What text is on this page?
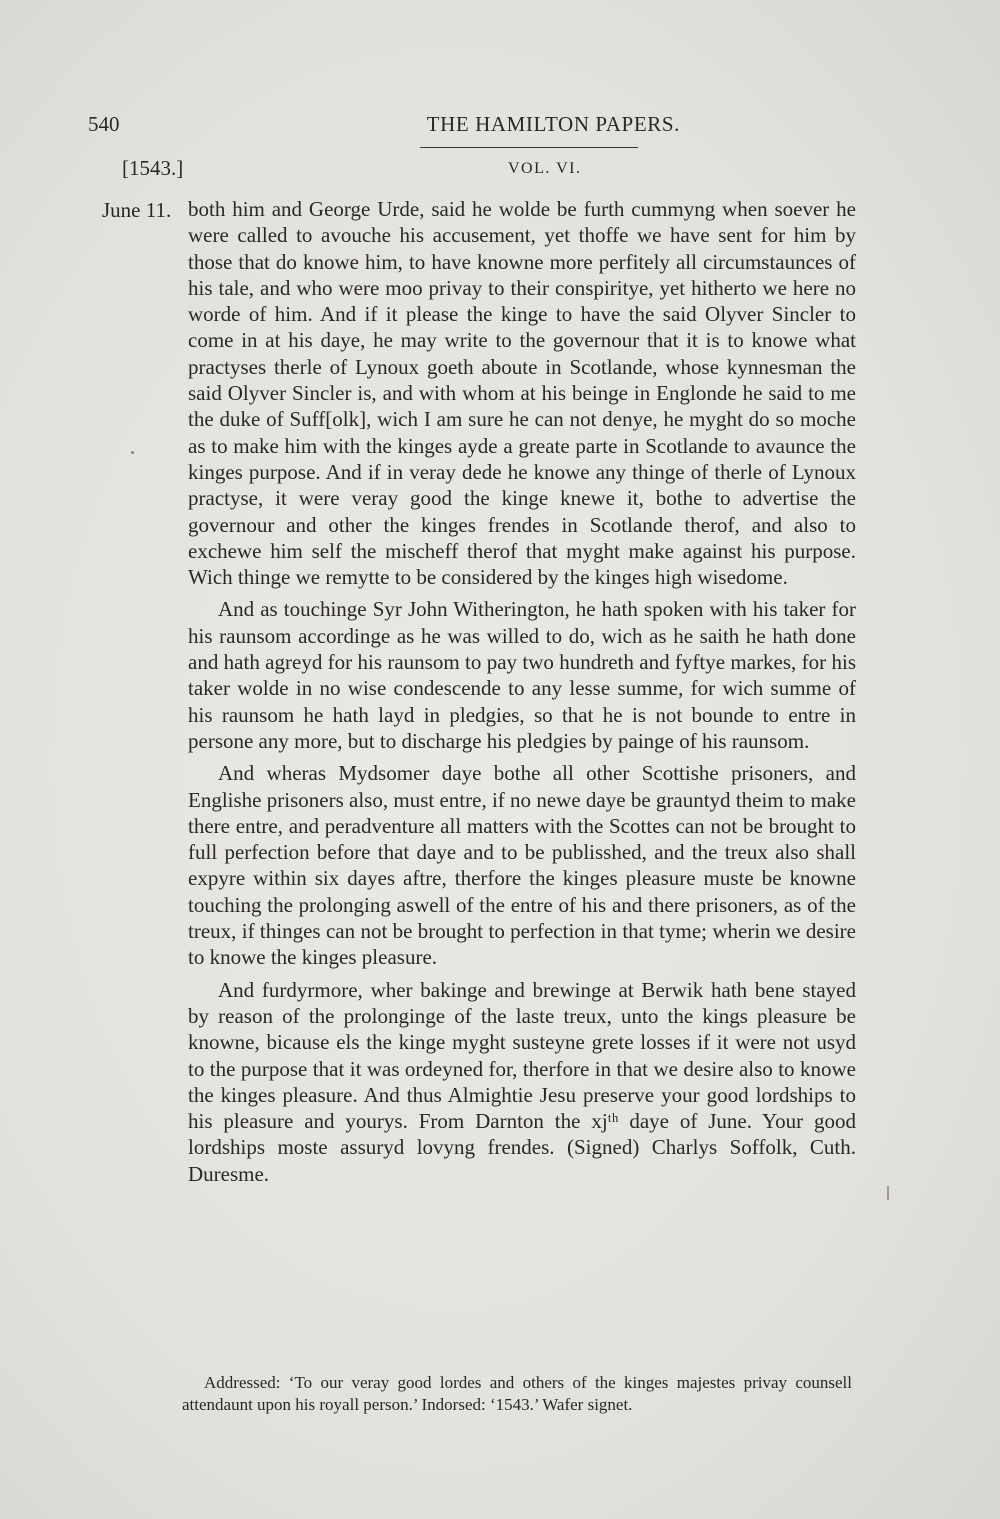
540	THE HAMILTON PAPERS.
[1543.]	VOL. VI.
June 11. both him and George Urde, said he wolde be furth cummyng when soever he were called to avouche his accusement, yet thoffe we have sent for him by those that do knowe him, to have knowne more perfitely all circumstaunces of his tale, and who were moo privay to their conspiritye, yet hitherto we here no worde of him. And if it please the kinge to have the said Olyver Sincler to come in at his daye, he may write to the governour that it is to knowe what practyses therle of Lynoux goeth aboute in Scotlande, whose kynnesman the said Olyver Sincler is, and with whom at his beinge in Englonde he said to me the duke of Suff[olk], wich I am sure he can not denye, he myght do so moche as to make him with the kinges ayde a greate parte in Scotlande to avaunce the kinges purpose. And if in veray dede he knowe any thinge of therle of Lynoux practyse, it were veray good the kinge knewe it, bothe to advertise the governour and other the kinges frendes in Scotlande therof, and also to exchewe him self the mischeff therof that myght make against his purpose. Wich thinge we remytte to be considered by the kinges high wisedome.

And as touchinge Syr John Witherington, he hath spoken with his taker for his raunsom accordinge as he was willed to do, wich as he saith he hath done and hath agreyd for his raunsom to pay two hundreth and fyftye markes, for his taker wolde in no wise condescende to any lesse summe, for wich summe of his raunsom he hath layd in pledgies, so that he is not bounde to entre in persone any more, but to discharge his pledgies by painge of his raunsom.

And wheras Mydsomer daye bothe all other Scottishe prisoners, and Englishe prisoners also, must entre, if no newe daye be grauntyd theim to make there entre, and peradventure all matters with the Scottes can not be brought to full perfection before that daye and to be publisshed, and the treux also shall expyre within six dayes aftre, therfore the kinges pleasure muste be knowne touching the prolonging aswell of the entre of his and there prisoners, as of the treux, if thinges can not be brought to perfection in that tyme; wherin we desire to knowe the kinges pleasure.

And furdyrmore, wher bakinge and brewinge at Berwik hath bene stayed by reason of the prolonginge of the laste treux, unto the kings pleasure be knowne, bicause els the kinge myght susteyne grete losses if it were not usyd to the purpose that it was ordeyned for, therfore in that we desire also to knowe the kinges pleasure. And thus Almightie Jesu preserve your good lordships to his pleasure and yourys. From Darnton the xjᵗʰ daye of June. Your good lordships moste assuryd lovyng frendes. (Signed) Charlys Soffolk, Cuth. Duresme.

Addressed: ‘To our veray good lordes and others of the kinges majestes privay counsell attendaunt upon his royall person.’ Indorsed: ‘1543.’ Wafer signet.
